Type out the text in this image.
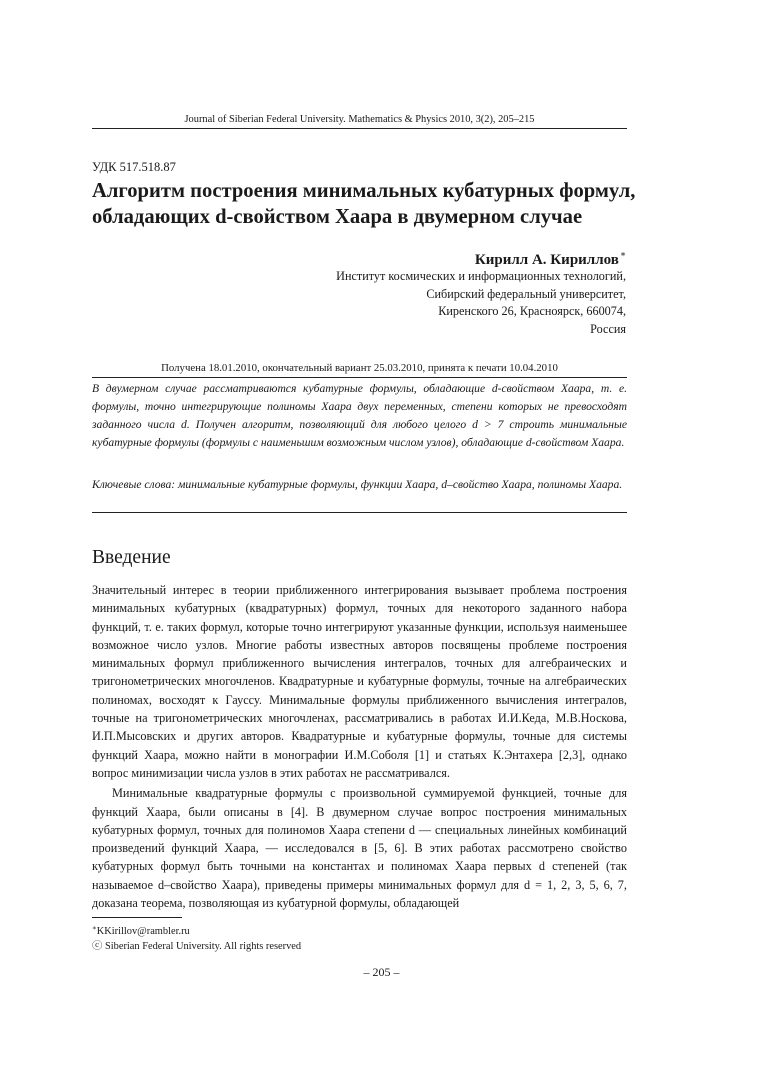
Journal of Siberian Federal University. Mathematics & Physics 2010, 3(2), 205–215
УДК 517.518.87
Алгоритм построения минимальных кубатурных формул,
обладающих d-свойством Хаара в двумерном случае
Кирилл А. Кириллов∗
Институт космических и информационных технологий,
Сибирский федеральный университет,
Киренского 26, Красноярск, 660074,
Россия
Получена 18.01.2010, окончательный вариант 25.03.2010, принята к печати 10.04.2010
В двумерном случае рассматриваются кубатурные формулы, обладающие d-свойством Хаара, т. е. формулы, точно интегрирующие полиномы Хаара двух переменных, степени которых не превосходят заданного числа d. Получен алгоритм, позволяющий для любого целого d > 7 строить минимальные кубатурные формулы (формулы с наименьшим возможным числом узлов), обладающие d-свойством Хаара.
Ключевые слова: минимальные кубатурные формулы, функции Хаара, d–свойство Хаара, полиномы Хаара.
Введение

Значительный интерес в теории приближенного интегрирования вызывает проблема построения минимальных кубатурных (квадратурных) формул, точных для некоторого заданного набора функций, т. е. таких формул, которые точно интегрируют указанные функции, используя наименьшее возможное число узлов. Многие работы известных авторов посвящены проблеме построения минимальных формул приближенного вычисления интегралов, точных для алгебраических и тригонометрических многочленов. Квадратурные и кубатурные формулы, точные на алгебраических полиномах, восходят к Гауссу. Минимальные формулы приближенного вычисления интегралов, точные на тригонометрических многочленах, рассматривались в работах И.И.Кеда, М.В.Носкова, И.П.Мысовских и других авторов. Квадратурные и кубатурные формулы, точные для системы функций Хаара, можно найти в монографии И.М.Соболя [1] и статьях К.Энтахера [2,3], однако вопрос минимизации числа узлов в этих работах не рассматривался.

Минимальные квадратурные формулы с произвольной суммируемой функцией, точные для функций Хаара, были описаны в [4]. В двумерном случае вопрос построения минимальных кубатурных формул, точных для полиномов Хаара степени d — специальных линейных комбинаций произведений функций Хаара, — исследовался в [5, 6]. В этих работах рассмотрено свойство кубатурных формул быть точными на константах и полиномах Хаара первых d степеней (так называемое d–свойство Хаара), приведены примеры минимальных формул для d = 1, 2, 3, 5, 6, 7, доказана теорема, позволяющая из кубатурной формулы, обладающей

∗KKirillov@rambler.ru
ⓒ Siberian Federal University. All rights reserved
– 205 –
